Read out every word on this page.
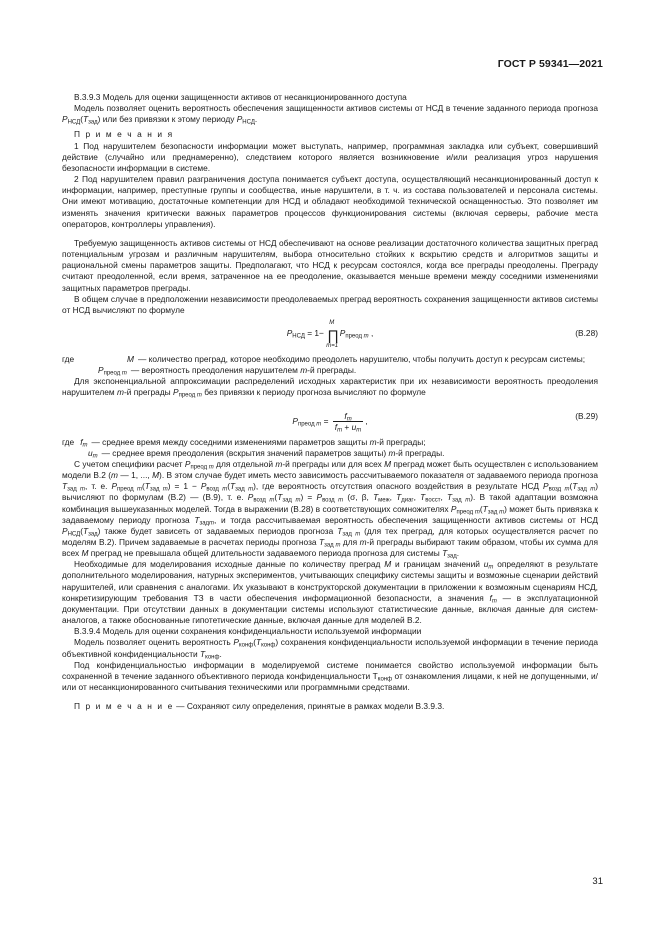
ГОСТ Р 59341—2021

В.3.9.3 Модель для оценки защищенности активов от несанкционированного доступа

Модель позволяет оценить вероятность обеспечения защищенности активов системы от НСД в течение заданного периода прогноза $P_{НСД}(T_{зад})$ или без привязки к этому периоду $P_{НСД}$.

П р и м е ч а н и я

1 Под нарушителем безопасности информации может выступать, например, программная закладка или субъект, совершивший действие (случайно или преднамеренно), следствием которого является возникновение и/или реализация угроз нарушения безопасности информации в системе.

2 Под нарушителем правил разграничения доступа понимается субъект доступа, осуществляющий несанкционированный доступ к информации, например, преступные группы и сообщества, иные нарушители, в т. ч. из состава пользователей и персонала системы. Они имеют мотивацию, достаточные компетенции для НСД и обладают необходимой технической оснащенностью. Это позволяет им изменять значения критически важных параметров процессов функционирования системы (включая серверы, рабочие места операторов, контроллеры управления).

Требуемую защищенность активов системы от НСД обеспечивают на основе реализации достаточного количества защитных преград потенциальным угрозам и различным нарушителям, выбора относительно стойких к вскрытию средств и алгоритмов защиты и рациональной смены параметров защиты. Предполагают, что НСД к ресурсам состоялся, когда все преграды преодолены. Преграду считают преодоленной, если время, затраченное на ее преодоление, оказывается меньше времени между соседними изменениями защитных параметров преграды.

В общем случае в предположении независимости преодолеваемых преград вероятность сохранения защищенности активов системы от НСД вычисляют по формуле

$P_{НСД} = 1-$ ∏
M
m=1
$P_{преод m}$ ,	(В.28)
где	M — количество преград, которое необходимо преодолеть нарушителю, чтобы получить доступ к ресурсам системы;
$P_{преод m}$ — вероятность преодоления нарушителем m-й преграды.

Для экспоненциальной аппроксимации распределений исходных характеристик при их независимости вероятность преодоления нарушителем m-й преграды $P_{преод m}$ без привязки к периоду прогноза вычисляют по формуле

$P_{преод m} = \frac{f_m}{f_m + u_m}$ ,
(В.29)
где $f_m$ — среднее время между соседними изменениями параметров защиты m-й преграды;
$u_m$ — среднее время преодоления (вскрытия значений параметров защиты) m-й преграды.

С учетом специфики расчет $P_{преод m}$ для отдельной m-й преграды или для всех M преград может быть осуществлен с использованием модели В.2 (m — 1, ..., M). В этом случае будет иметь место зависимость рассчитываемого показателя от задаваемого периода прогноза $T_{зад m}$, т. е. $P_{преод m}(T_{зад m}) = 1 - P_{возд m}(T_{зад m})$, где вероятность отсутствия опасного воздействия в результате НСД $P_{возд m}(T_{зад m})$ вычисляют по формулам (В.2) — (В.9), т. е. $P_{возд m}(T_{зад m}) = P_{возд m}$ (σ, β, $T_{меж}$, $T_{диаг}$, $T_{восст}$, $T_{зад m}$). В такой адаптации возможна комбинация вышеуказанных моделей. Тогда в выражении (В.28) в соответствующих сомножителях $P_{преод m}(T_{зад m})$ может быть привязка к задаваемому периоду прогноза $T_{задm}$, и тогда рассчитываемая вероятность обеспечения защищенности активов системы от НСД $P_{НСД}(T_{зад})$ также будет зависеть от задаваемых периодов прогноза $T_{зад m}$ (для тех преград, для которых осуществляется расчет по моделям В.2). Причем задаваемые в расчетах периоды прогноза $T_{зад m}$ для m-й преграды выбирают таким образом, чтобы их сумма для всех M преград не превышала общей длительности задаваемого периода прогноза для системы $T_{зад}$.

Необходимые для моделирования исходные данные по количеству преград M и границам значений $u_m$ определяют в результате дополнительного моделирования, натурных экспериментов, учитывающих специфику системы защиты и возможные сценарии действий нарушителей, или сравнения с аналогами. Их указывают в конструкторской документации в приложении к возможным сценариям НСД, конкретизирующим требования ТЗ в части обеспечения информационной безопасности, а значения $f_m$ — в эксплуатационной документации. При отсутствии данных в документации системы используют статистические данные, включая данные для систем-аналогов, а также обоснованные гипотетические данные, включая данные для моделей В.2.

В.3.9.4 Модель для оценки сохранения конфиденциальности используемой информации

Модель позволяет оценить вероятность $P_{конф}(T_{конф})$ сохранения конфиденциальности используемой информации в течение периода объективной конфиденциальности $T_{конф}$.

Под конфиденциальностью информации в моделируемой системе понимается свойство используемой информации быть сохраненной в течение заданного объективного периода конфиденциальности $T_{конф}$ от ознакомления лицами, к ней не допущенными, и/или от несанкционированного считывания техническими или программными средствами.

П р и м е ч а н и е — Сохраняют силу определения, принятые в рамках модели В.3.9.3.

31
